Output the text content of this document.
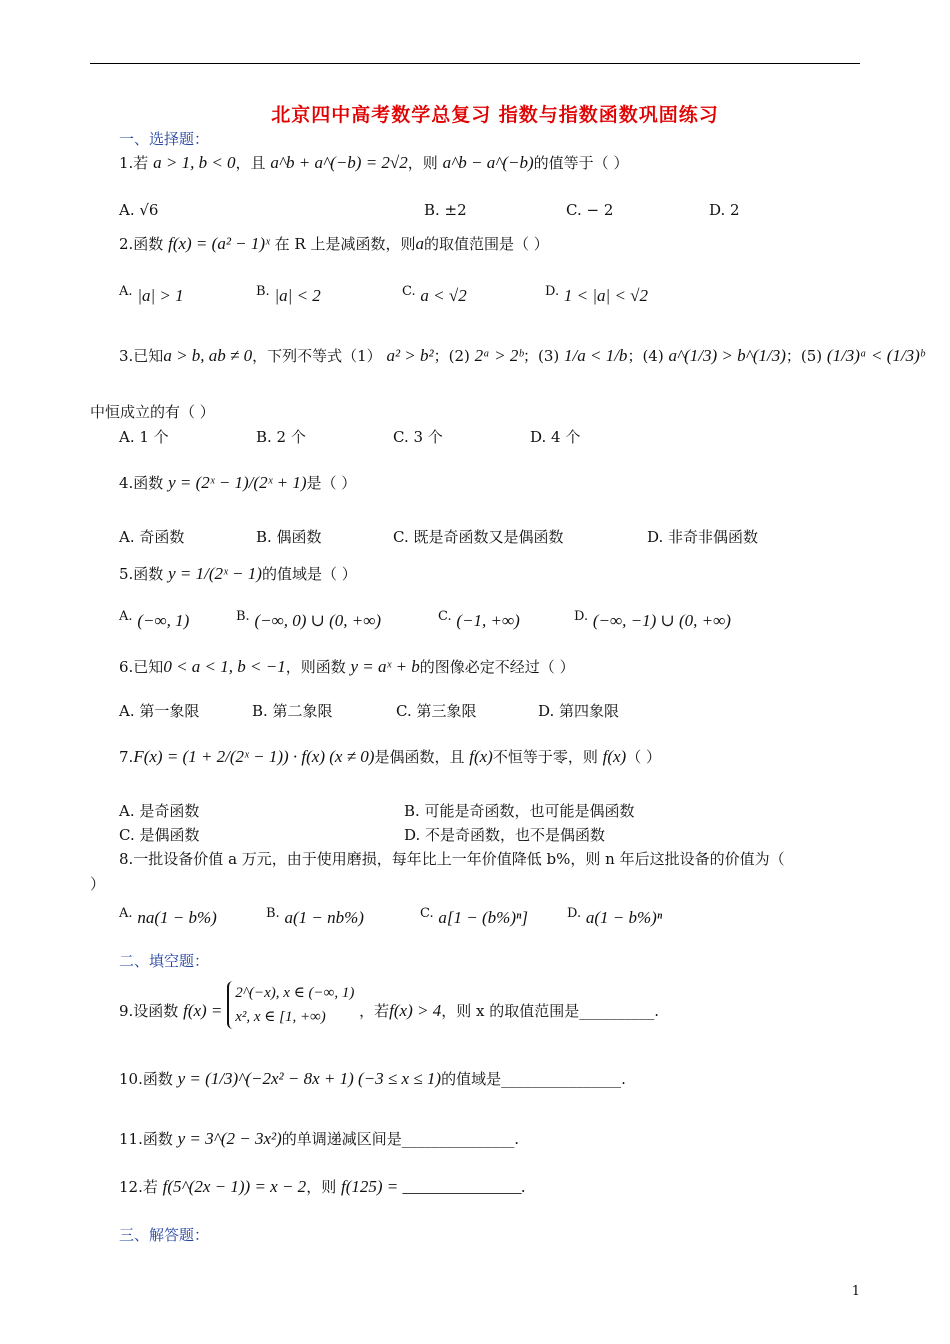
北京四中高考数学总复习 指数与指数函数巩固练习
一、选择题：
1.若 a > 1, b < 0，且 a^b + a^(−b) = 2√2，则 a^b − a^(−b)的值等于（ ）
A. √6	B. ±2	C. − 2	D. 2
2.函数 f(x) = (a² − 1)ˣ 在 R 上是减函数，则a的取值范围是（ ）
A. |a| > 1	B. |a| < 2	C. a < √2	D. 1 < |a| < √2
3.已知a > b, ab ≠ 0，下列不等式（1） a² > b²；(2) 2ᵃ > 2ᵇ；(3) 1/a < 1/b；(4) a^(1/3) > b^(1/3)；(5) (1/3)ᵃ < (1/3)ᵇ
中恒成立的有（ ）
A. 1 个	B. 2 个	C. 3 个	D. 4 个
4.函数 y = (2ˣ − 1)/(2ˣ + 1)是（ ）
A. 奇函数	B. 偶函数	C. 既是奇函数又是偶函数	D. 非奇非偶函数
5.函数 y = 1/(2ˣ − 1)的值域是（ ）
A. (−∞, 1)	B. (−∞, 0) ∪ (0, +∞)	C. (−1, +∞)	D. (−∞, −1) ∪ (0, +∞)
6.已知0 < a < 1, b < −1，则函数 y = aˣ + b的图像必定不经过（ ）
A. 第一象限	B. 第二象限	C. 第三象限	D. 第四象限
7.F(x) = (1 + 2/(2ˣ − 1)) · f(x) (x ≠ 0)是偶函数，且 f(x)不恒等于零，则 f(x)（ ）
A. 是奇函数	B. 可能是奇函数，也可能是偶函数
C. 是偶函数	D. 不是奇函数，也不是偶函数
8.一批设备价值 a 万元，由于使用磨损，每年比上一年价值降低 b%，则 n 年后这批设备的价值为（
）
A. na(1 − b%)	B. a(1 − nb%)	C. a[1 − (b%)ⁿ]	D. a(1 − b%)ⁿ
二、填空题：
9.设函数 f(x) =
2^(−x), x ∈ (−∞, 1)
x², x ∈ [1, +∞)	，若f(x) > 4，则 x 的取值范围是__________.
10.函数 y = (1/3)^(−2x² − 8x + 1) (−3 ≤ x ≤ 1)的值域是________________.
11.函数 y = 3^(2 − 3x²)的单调递减区间是_______________.
12.若 f(5^(2x − 1)) = x − 2，则 f(125) = ______________.
三、解答题：
1
